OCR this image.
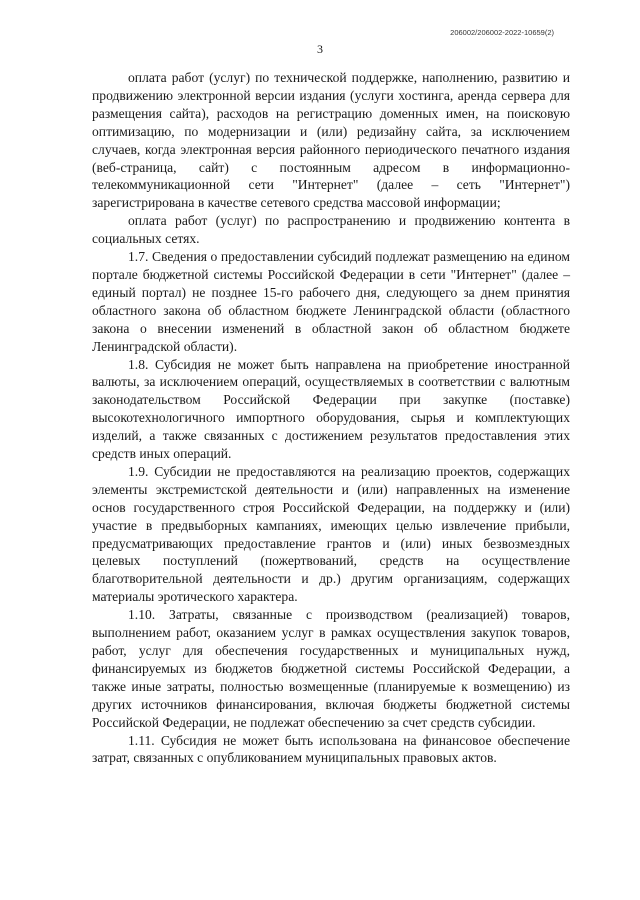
206002/206002-2022-10659(2)
3

оплата работ (услуг) по технической поддержке, наполнению, развитию и продвижению электронной версии издания (услуги хостинга, аренда сервера для размещения сайта), расходов на регистрацию доменных имен, на поисковую оптимизацию, по модернизации и (или) редизайну сайта, за исключением случаев, когда электронная версия районного периодического печатного издания (веб-страница, сайт) с постоянным адресом в информационно-телекоммуникационной сети "Интернет" (далее – сеть "Интернет") зарегистрирована в качестве сетевого средства массовой информации;

оплата работ (услуг) по распространению и продвижению контента в социальных сетях.

1.7. Сведения о предоставлении субсидий подлежат размещению на едином портале бюджетной системы Российской Федерации в сети "Интернет" (далее – единый портал) не позднее 15-го рабочего дня, следующего за днем принятия областного закона об областном бюджете Ленинградской области (областного закона о внесении изменений в областной закон об областном бюджете Ленинградской области).

1.8. Субсидия не может быть направлена на приобретение иностранной валюты, за исключением операций, осуществляемых в соответствии с валютным законодательством Российской Федерации при закупке (поставке) высокотехнологичного импортного оборудования, сырья и комплектующих изделий, а также связанных с достижением результатов предоставления этих средств иных операций.

1.9. Субсидии не предоставляются на реализацию проектов, содержащих элементы экстремистской деятельности и (или) направленных на изменение основ государственного строя Российской Федерации, на поддержку и (или) участие в предвыборных кампаниях, имеющих целью извлечение прибыли, предусматривающих предоставление грантов и (или) иных безвозмездных целевых поступлений (пожертвований, средств на осуществление благотворительной деятельности и др.) другим организациям, содержащих материалы эротического характера.

1.10. Затраты, связанные с производством (реализацией) товаров, выполнением работ, оказанием услуг в рамках осуществления закупок товаров, работ, услуг для обеспечения государственных и муниципальных нужд, финансируемых из бюджетов бюджетной системы Российской Федерации, а также иные затраты, полностью возмещенные (планируемые к возмещению) из других источников финансирования, включая бюджеты бюджетной системы Российской Федерации, не подлежат обеспечению за счет средств субсидии.

1.11. Субсидия не может быть использована на финансовое обеспечение затрат, связанных с опубликованием муниципальных правовых актов.
